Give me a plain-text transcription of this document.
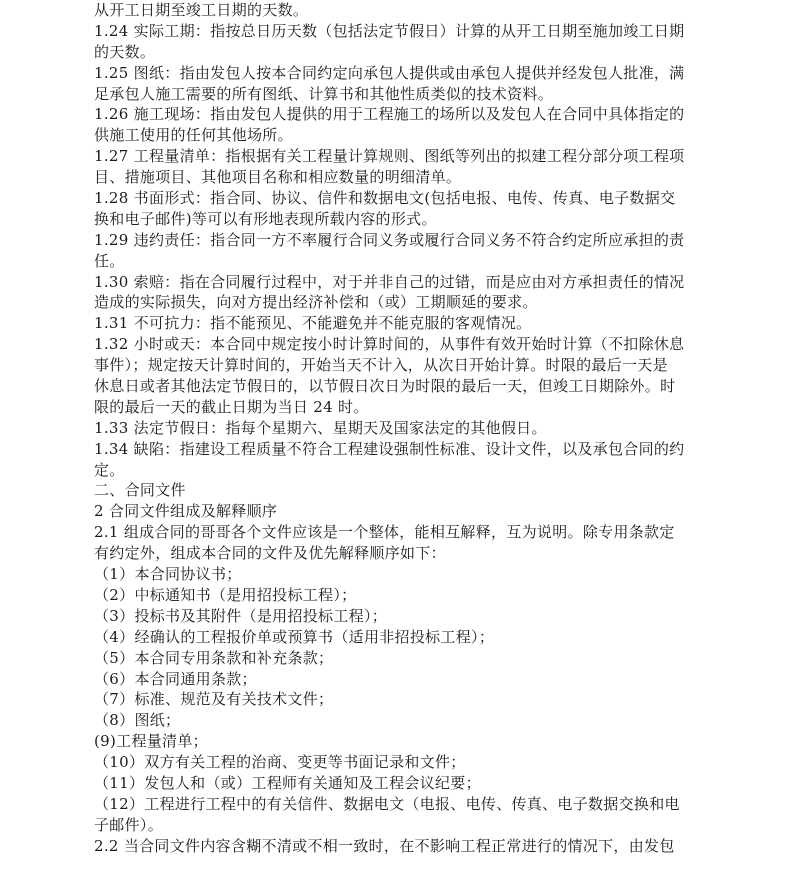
从开工日期至竣工日期的天数。
1.24 实际工期：指按总日历天数（包括法定节假日）计算的从开工日期至施加竣工日期
的天数。
1.25 图纸：指由发包人按本合同约定向承包人提供或由承包人提供并经发包人批准，满
足承包人施工需要的所有图纸、计算书和其他性质类似的技术资料。
1.26 施工现场：指由发包人提供的用于工程施工的场所以及发包人在合同中具体指定的
供施工使用的任何其他场所。
1.27 工程量清单：指根据有关工程量计算规则、图纸等列出的拟建工程分部分项工程项
目、措施项目、其他项目名称和相应数量的明细清单。
1.28 书面形式：指合同、协议、信件和数据电文(包括电报、电传、传真、电子数据交
换和电子邮件)等可以有形地表现所载内容的形式。
1.29 违约责任：指合同一方不率履行合同义务或履行合同义务不符合约定所应承担的责
任。
1.30 索赔：指在合同履行过程中，对于并非自己的过错，而是应由对方承担责任的情况
造成的实际损失，向对方提出经济补偿和（或）工期顺延的要求。
1.31 不可抗力：指不能预见、不能避免并不能克服的客观情况。
1.32 小时或天：本合同中规定按小时计算时间的，从事件有效开始时计算（不扣除休息
事件）；规定按天计算时间的，开始当天不计入，从次日开始计算。时限的最后一天是
休息日或者其他法定节假日的，以节假日次日为时限的最后一天，但竣工日期除外。时
限的最后一天的截止日期为当日 24 时。
1.33 法定节假日：指每个星期六、星期天及国家法定的其他假日。
1.34 缺陷：指建设工程质量不符合工程建设强制性标准、设计文件，以及承包合同的约
定。
二、合同文件
2 合同文件组成及解释顺序
2.1 组成合同的哥哥各个文件应该是一个整体，能相互解释，互为说明。除专用条款定
有约定外，组成本合同的文件及优先解释顺序如下：
（1）本合同协议书；
（2）中标通知书（是用招投标工程）；
（3）投标书及其附件（是用招投标工程）；
（4）经确认的工程报价单或预算书（适用非招投标工程）；
（5）本合同专用条款和补充条款；
（6）本合同通用条款；
（7）标准、规范及有关技术文件；
（8）图纸；
(9)工程量清单；
（10）双方有关工程的治商、变更等书面记录和文件；
（11）发包人和（或）工程师有关通知及工程会议纪要；
（12）工程进行工程中的有关信件、数据电文（电报、电传、传真、电子数据交换和电
子邮件）。
2.2 当合同文件内容含糊不清或不相一致时，在不影响工程正常进行的情况下，由发包
